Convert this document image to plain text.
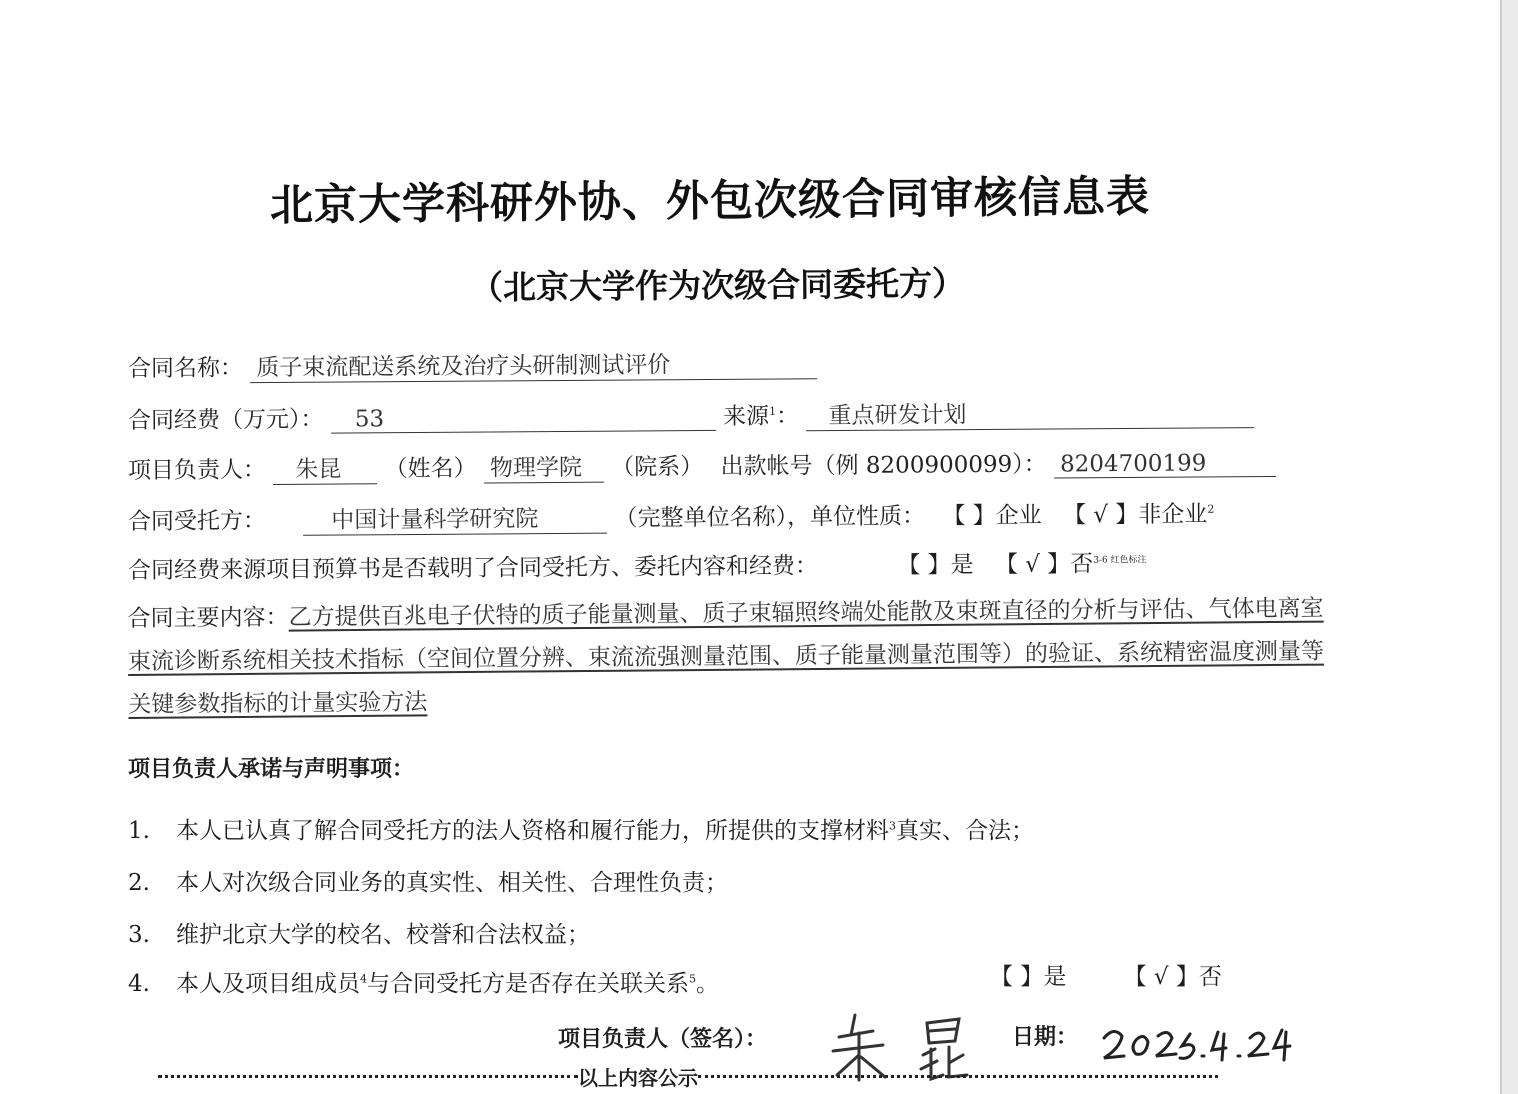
北京大学科研外协、外包次级合同审核信息表
（北京大学作为次级合同委托方）
合同名称： 质子束流配送系统及治疗头研制测试评价
合同经费（万元）： 53	来源$^1$： 重点研发计划
项目负责人： 朱昆 （姓名） 物理学院 （院系） 出款帐号（例 8200900099）： 8204700199
合同受托方：	中国计量科学研究院	（完整单位名称），单位性质： 【 】企业 【 √ 】非企业$^2$
合同经费来源项目预算书是否载明了合同受托方、委托内容和经费：	【 】是 【 √ 】否$^{3-6 红色标注}$
合同主要内容：乙方提供百兆电子伏特的质子能量测量、质子束辐照终端处能散及束斑直径的分析与评估、气体电离室束流诊断系统相关技术指标（空间位置分辨、束流流强测量范围、质子能量测量范围等）的验证、系统精密温度测量等关键参数指标的计量实验方法
项目负责人承诺与声明事项：
1. 本人已认真了解合同受托方的法人资格和履行能力，所提供的支撑材料$^3$真实、合法；
2. 本人对次级合同业务的真实性、相关性、合理性负责；
3. 维护北京大学的校名、校誉和合法权益；
4. 本人及项目组成员$^4$与合同受托方是否存在关联关系$^5$。	【 】是 【 √ 】否
项目负责人（签名）：	日期：
以上内容公示
